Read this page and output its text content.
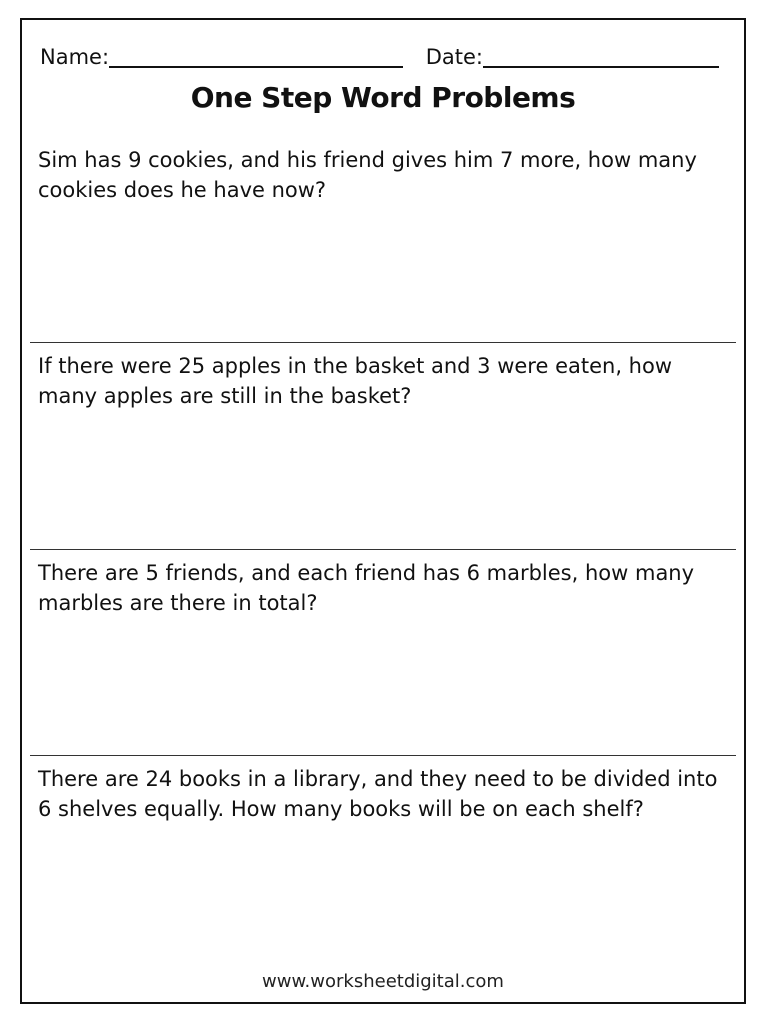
Name:	Date:
One Step Word Problems
Sim has 9 cookies, and his friend gives him 7 more, how many cookies does he have now?
If there were 25 apples in the basket and 3 were eaten, how many apples are still in the basket?
There are 5 friends, and each friend has 6 marbles, how many marbles are there in total?
There are 24 books in a library, and they need to be divided into 6 shelves equally. How many books will be on each shelf?
www.worksheetdigital.com
